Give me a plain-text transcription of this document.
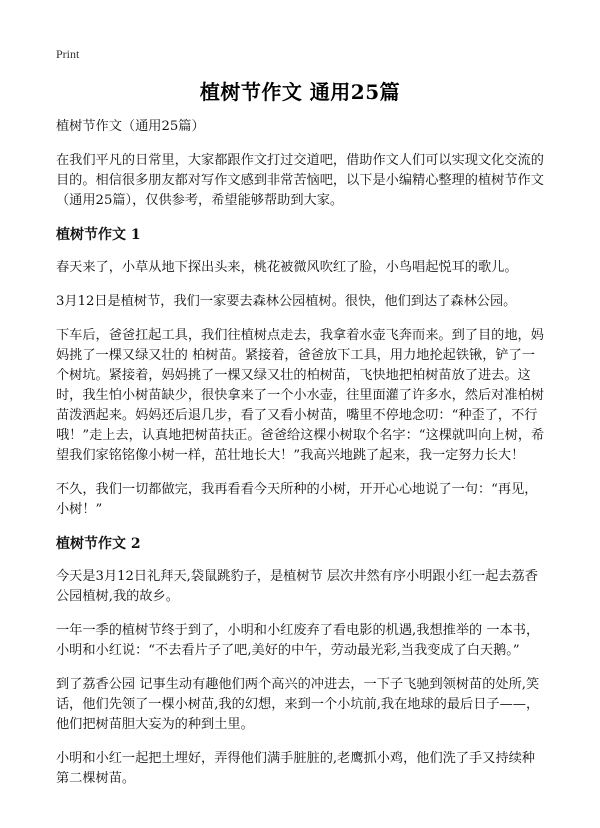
Print
植树节作文 通用25篇

植树节作文（通用25篇）

在我们平凡的日常里，大家都跟作文打过交道吧，借助作文人们可以实现文化交流的目的。相信很多朋友都对写作文感到非常苦恼吧，以下是小编精心整理的植树节作文（通用25篇），仅供参考，希望能够帮助到大家。

植树节作文 1

春天来了，小草从地下探出头来，桃花被微风吹红了脸，小鸟唱起悦耳的歌儿。

3月12日是植树节，我们一家要去森林公园植树。很快，他们到达了森林公园。

下车后，爸爸扛起工具，我们往植树点走去，我拿着水壶飞奔而来。到了目的地，妈妈挑了一棵又绿又壮的 柏树苗。紧接着，爸爸放下工具，用力地抡起铁锹，铲了一个树坑。紧接着，妈妈挑了一棵又绿又壮的柏树苗，飞快地把柏树苗放了进去。这时，我生怕小树苗缺少，很快拿来了一个小水壶，往里面灌了许多水，然后对准柏树苗泼洒起来。妈妈还后退几步，看了又看小树苗，嘴里不停地念叨：“种歪了，不行哦！”走上去，认真地把树苗扶正。爸爸给这棵小树取个名字：“这棵就叫向上树，希望我们家铭铭像小树一样，茁壮地长大！”我高兴地跳了起来，我一定努力长大！

不久，我们一切都做完，我再看看今天所种的小树，开开心心地说了一句：“再见，小树！”

植树节作文 2

今天是3月12日礼拜天,袋鼠跳豹子，是植树节 层次井然有序小明跟小红一起去荔香公园植树,我的故乡。

一年一季的植树节终于到了，小明和小红废弃了看电影的机遇,我想推举的 一本书，小明和小红说：“不去看片子了吧,美好的中午，劳动最光彩,当我变成了白天鹅。”

到了荔香公园 记事生动有趣他们两个高兴的冲进去，一下子飞驰到领树苗的处所,笑话，他们先领了一棵小树苗,我的幻想，来到一个小坑前,我在地球的最后日子——，他们把树苗胆大妄为的种到土里。

小明和小红一起把土埋好，弄得他们满手脏脏的,老鹰抓小鸡，他们洗了手又持续种第二棵树苗。
